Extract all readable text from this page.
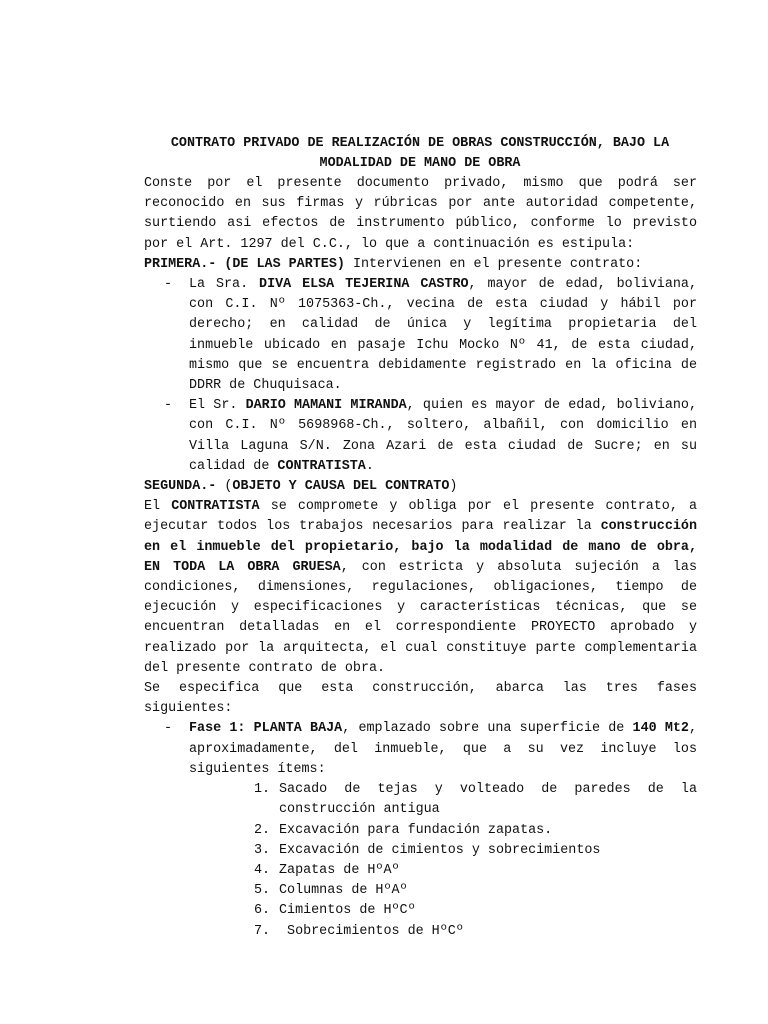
CONTRATO PRIVADO DE REALIZACIÓN DE OBRAS CONSTRUCCIÓN, BAJO LA
MODALIDAD DE MANO DE OBRA
Conste por el presente documento privado, mismo que podrá ser reconocido en sus firmas y rúbricas por ante autoridad competente, surtiendo asi efectos de instrumento público, conforme lo previsto por el Art. 1297 del C.C., lo que a continuación es estipula:
PRIMERA.- (DE LAS PARTES) Intervienen en el presente contrato:
- La Sra. DIVA ELSA TEJERINA CASTRO, mayor de edad, boliviana, con C.I. Nº 1075363-Ch., vecina de esta ciudad y hábil por derecho; en calidad de única y legítima propietaria del inmueble ubicado en pasaje Ichu Mocko Nº 41, de esta ciudad, mismo que se encuentra debidamente registrado en la oficina de DDRR de Chuquisaca.
- El Sr. DARIO MAMANI MIRANDA, quien es mayor de edad, boliviano, con C.I. Nº 5698968-Ch., soltero, albañil, con domicilio en Villa Laguna S/N. Zona Azari de esta ciudad de Sucre; en su calidad de CONTRATISTA.
SEGUNDA.- (OBJETO Y CAUSA DEL CONTRATO)
El CONTRATISTA se compromete y obliga por el presente contrato, a ejecutar todos los trabajos necesarios para realizar la construcción en el inmueble del propietario, bajo la modalidad de mano de obra, EN TODA LA OBRA GRUESA, con estricta y absoluta sujeción a las condiciones, dimensiones, regulaciones, obligaciones, tiempo de ejecución y especificaciones y características técnicas, que se encuentran detalladas en el correspondiente PROYECTO aprobado y realizado por la arquitecta, el cual constituye parte complementaria del presente contrato de obra.
Se especifica que esta construcción, abarca las tres fases siguientes:
- Fase 1: PLANTA BAJA, emplazado sobre una superficie de 140 Mt2, aproximadamente, del inmueble, que a su vez incluye los siguientes ítems:
1. Sacado de tejas y volteado de paredes de la construcción antigua
2. Excavación para fundación zapatas.
3. Excavación de cimientos y sobrecimientos
4. Zapatas de HºAº
5. Columnas de HºAº
6. Cimientos de HºCº
7. Sobrecimientos de HºCº
